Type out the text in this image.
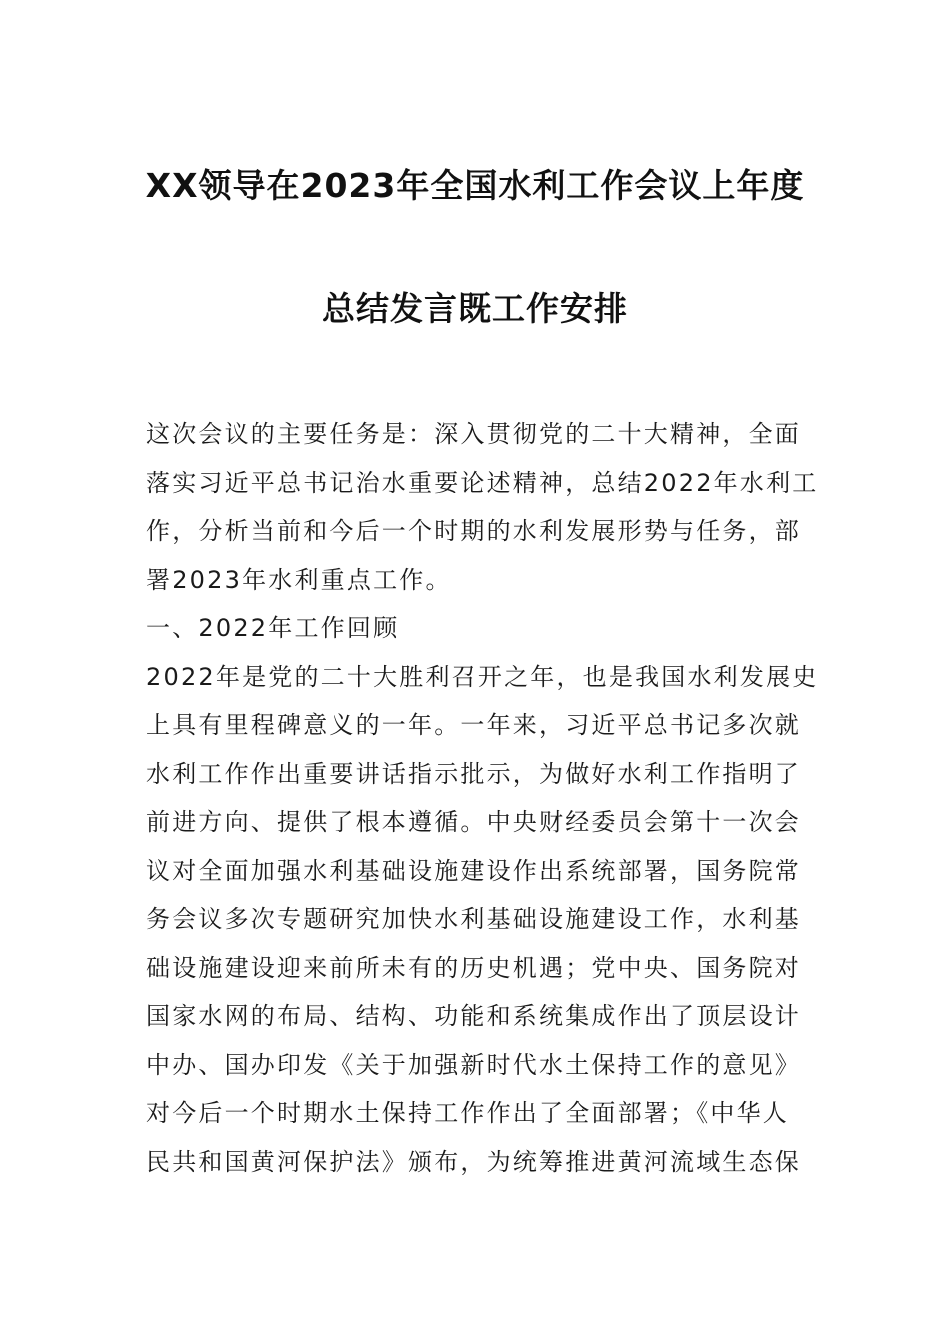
XX领导在2023年全国水利工作会议上年度
总结发言既工作安排
这次会议的主要任务是：深入贯彻党的二十大精神，全面
落实习近平总书记治水重要论述精神，总结2022年水利工
作，分析当前和今后一个时期的水利发展形势与任务，部
署2023年水利重点工作。
一、2022年工作回顾
2022年是党的二十大胜利召开之年，也是我国水利发展史
上具有里程碑意义的一年。一年来，习近平总书记多次就
水利工作作出重要讲话指示批示，为做好水利工作指明了
前进方向、提供了根本遵循。中央财经委员会第十一次会
议对全面加强水利基础设施建设作出系统部署，国务院常
务会议多次专题研究加快水利基础设施建设工作，水利基
础设施建设迎来前所未有的历史机遇；党中央、国务院对
国家水网的布局、结构、功能和系统集成作出了顶层设计
中办、国办印发《关于加强新时代水土保持工作的意见》
对今后一个时期水土保持工作作出了全面部署；《中华人
民共和国黄河保护法》颁布，为统筹推进黄河流域生态保
